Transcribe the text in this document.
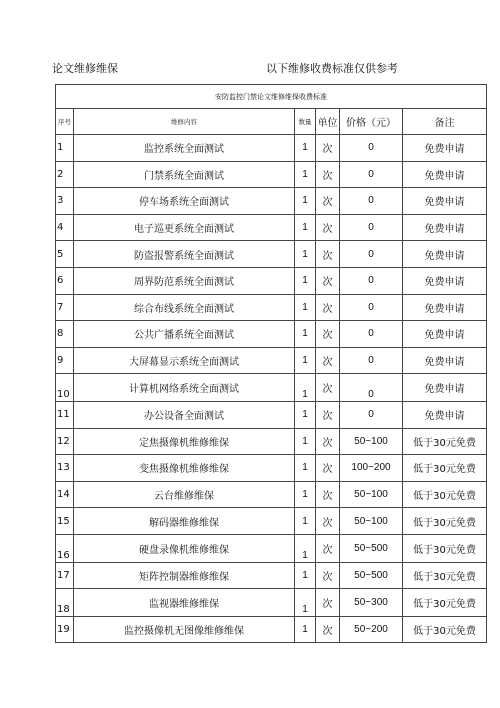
论文维修维保	以下维修收费标准仅供参考
安防监控门禁论文维修维保收费标准					
序号	维修内容	数量	单位	价格（元）	备注
1	监控系统全面测试	1	次	0	免费申请
2	门禁系统全面测试	1	次	0	免费申请
3	停车场系统全面测试	1	次	0	免费申请
4	电子巡更系统全面测试	1	次	0	免费申请
5	防盗报警系统全面测试	1	次	0	免费申请
6	周界防范系统全面测试	1	次	0	免费申请
7	综合布线系统全面测试	1	次	0	免费申请
8	公共广播系统全面测试	1	次	0	免费申请
9	大屏幕显示系统全面测试	1	次	0	免费申请
10	计算机网络系统全面测试	1	次	0	免费申请
11	办公设备全面测试	1	次	0	免费申请
12	定焦摄像机维修维保	1	次	50~100	低于30元免费
13	变焦摄像机维修维保	1	次	100~200	低于30元免费
14	云台维修维保	1	次	50~100	低于30元免费
15	解码器维修维保	1	次	50~100	低于30元免费
16	硬盘录像机维修维保	1	次	50~500	低于30元免费
17	矩阵控制器维修维保	1	次	50~500	低于30元免费
18	监视器维修维保	1	次	50~300	低于30元免费
19	监控摄像机无图像维修维保	1	次	50~200	低于30元免费
